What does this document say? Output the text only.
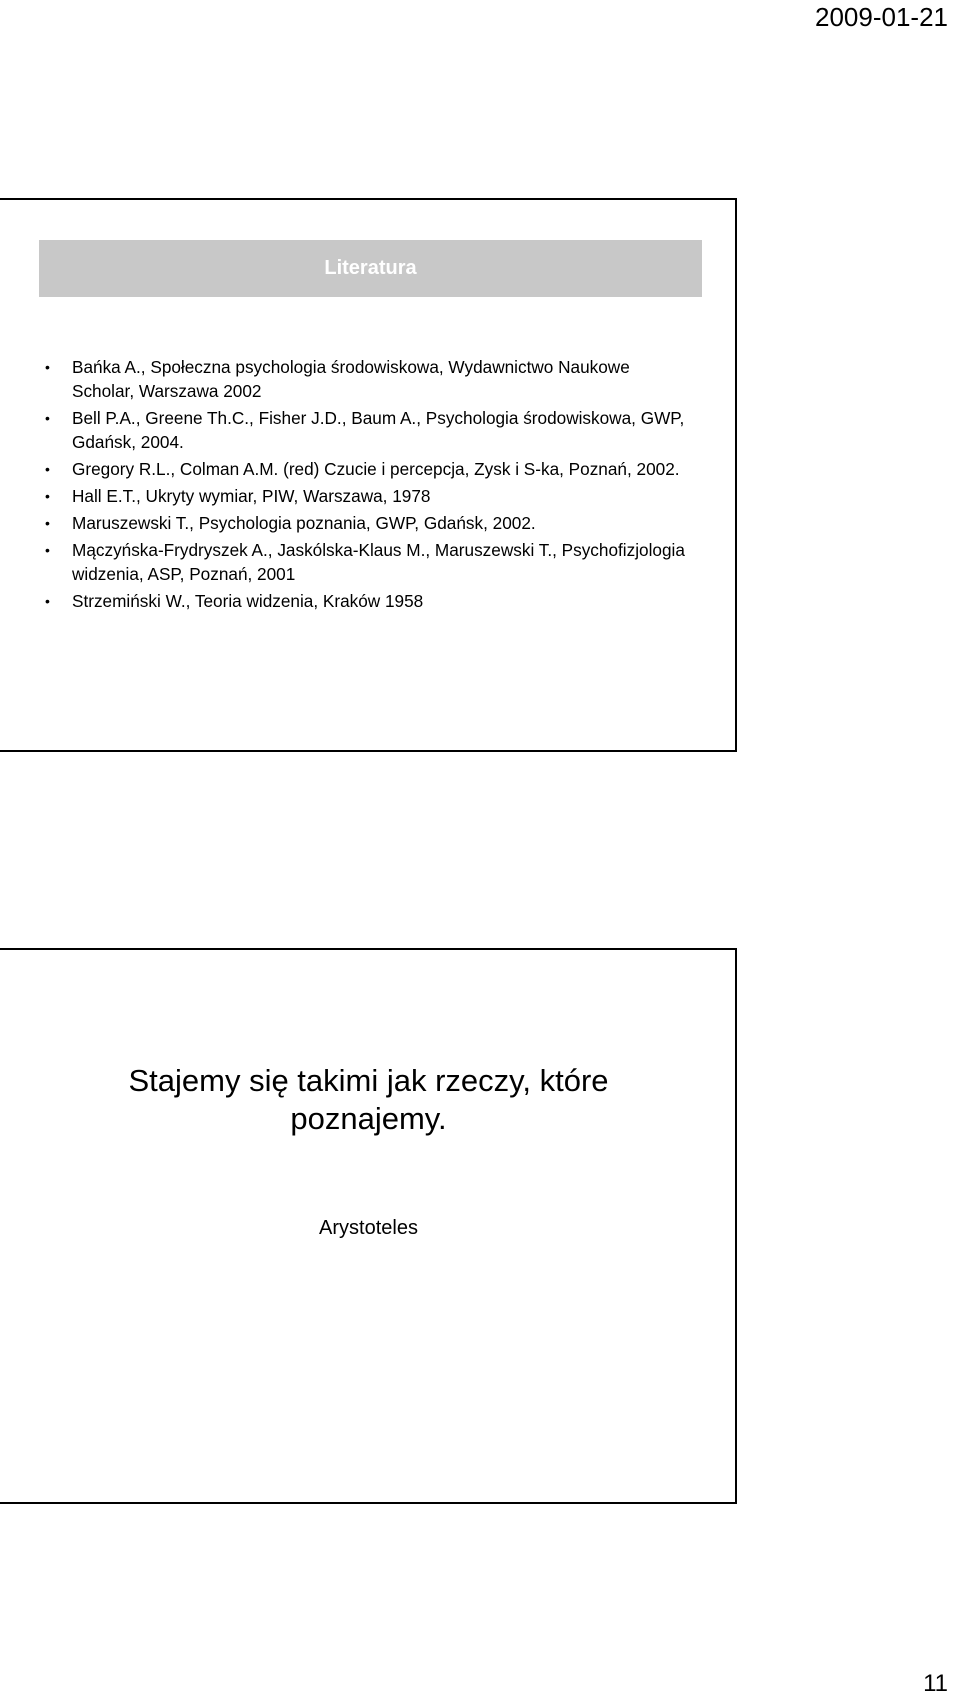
2009-01-21
Literatura
• Bańka A., Społeczna psychologia środowiskowa, Wydawnictwo Naukowe Scholar, Warszawa 2002
• Bell P.A., Greene Th.C., Fisher J.D., Baum A., Psychologia środowiskowa, GWP, Gdańsk, 2004.
• Gregory R.L., Colman A.M. (red) Czucie i percepcja, Zysk i S-ka, Poznań, 2002.
• Hall E.T., Ukryty wymiar, PIW, Warszawa, 1978
• Maruszewski T., Psychologia poznania, GWP, Gdańsk, 2002.
• Mączyńska-Frydryszek A., Jaskólska-Klaus M., Maruszewski T., Psychofizjologia widzenia, ASP, Poznań, 2001
• Strzemiński W., Teoria widzenia, Kraków 1958
Stajemy się takimi jak rzeczy, które
poznajemy.
Arystoteles
11
